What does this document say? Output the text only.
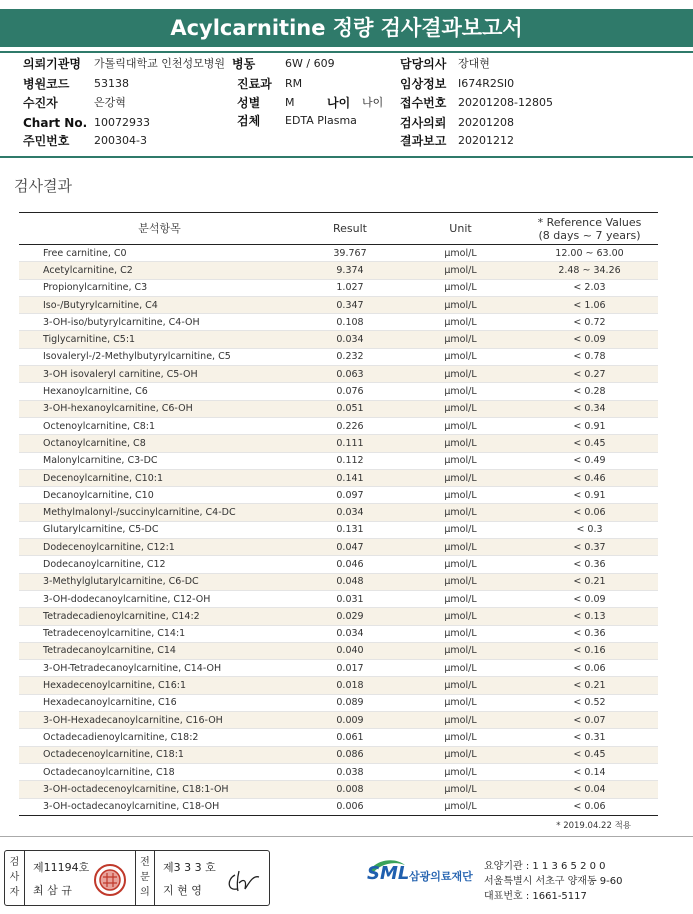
Acylcarnitine 정량 검사결과보고서
의뢰기관명 가톨릭대학교 인천성모병원 병동	6W / 609	담당의사 장대현
병원코드 53138	진료과 RM	임상정보 I674R2SI0
수진자	은강혁	성별 M	나이 나이 접수번호 20201208-12805
Chart No. 10072933	검체 EDTA Plasma	검사의뢰 20201208
주민번호 200304-3	결과보고 20201212
검사결과
분석항목	Result	Unit	* Reference Values
(8 days ~ 7 years)

Free carnitine, C0	39.767	μmol/L	12.00 ~ 63.00
Acetylcarnitine, C2	9.374	μmol/L	2.48 ~ 34.26
Propionylcarnitine, C3	1.027	μmol/L	< 2.03
Iso-/Butyrylcarnitine, C4	0.347	μmol/L	< 1.06
3-OH-iso/butyrylcarnitine, C4-OH	0.108	μmol/L	< 0.72
Tiglycarnitine, C5:1	0.034	μmol/L	< 0.09
Isovaleryl-/2-Methylbutyrylcarnitine, C5	0.232	μmol/L	< 0.78
3-OH isovaleryl carnitine, C5-OH	0.063	μmol/L	< 0.27
Hexanoylcarnitine, C6	0.076	μmol/L	< 0.28
3-OH-hexanoylcarnitine, C6-OH	0.051	μmol/L	< 0.34
Octenoylcarnitine, C8:1	0.226	μmol/L	< 0.91
Octanoylcarnitine, C8	0.111	μmol/L	< 0.45
Malonylcarnitine, C3-DC	0.112	μmol/L	< 0.49
Decenoylcarnitine, C10:1	0.141	μmol/L	< 0.46
Decanoylcarnitine, C10	0.097	μmol/L	< 0.91
Methylmalonyl-/succinylcarnitine, C4-DC	0.034	μmol/L	< 0.06
Glutarylcarnitine, C5-DC	0.131	μmol/L	< 0.3
Dodecenoylcarnitine, C12:1	0.047	μmol/L	< 0.37
Dodecanoylcarnitine, C12	0.046	μmol/L	< 0.36
3-Methylglutarylcarnitine, C6-DC	0.048	μmol/L	< 0.21
3-OH-dodecanoylcarnitine, C12-OH	0.031	μmol/L	< 0.09
Tetradecadienoylcarnitine, C14:2	0.029	μmol/L	< 0.13
Tetradecenoylcarnitine, C14:1	0.034	μmol/L	< 0.36
Tetradecanoylcarnitine, C14	0.040	μmol/L	< 0.16
3-OH-Tetradecanoylcarnitine, C14-OH	0.017	μmol/L	< 0.06
Hexadecenoylcarnitine, C16:1	0.018	μmol/L	< 0.21
Hexadecanoylcarnitine, C16	0.089	μmol/L	< 0.52
3-OH-Hexadecanoylcarnitine, C16-OH	0.009	μmol/L	< 0.07
Octadecadienoylcarnitine, C18:2	0.061	μmol/L	< 0.31
Octadecenoylcarnitine, C18:1	0.086	μmol/L	< 0.45
Octadecanoylcarnitine, C18	0.038	μmol/L	< 0.14
3-OH-octadecenoylcarnitine, C18:1-OH	0.008	μmol/L	< 0.04
3-OH-octadecanoylcarnitine, C18-OH	0.006	μmol/L	< 0.06
* 2019.04.22 적용
검
사
자
제11194호
최 삼 규
전
문
의
제3 3 3 호
지 현 영
SML 삼광의료재단
요양기관 : 1 1 3 6 5 2 0 0
서울특별시 서초구 양재동 9-60
대표번호 : 1661-5117
